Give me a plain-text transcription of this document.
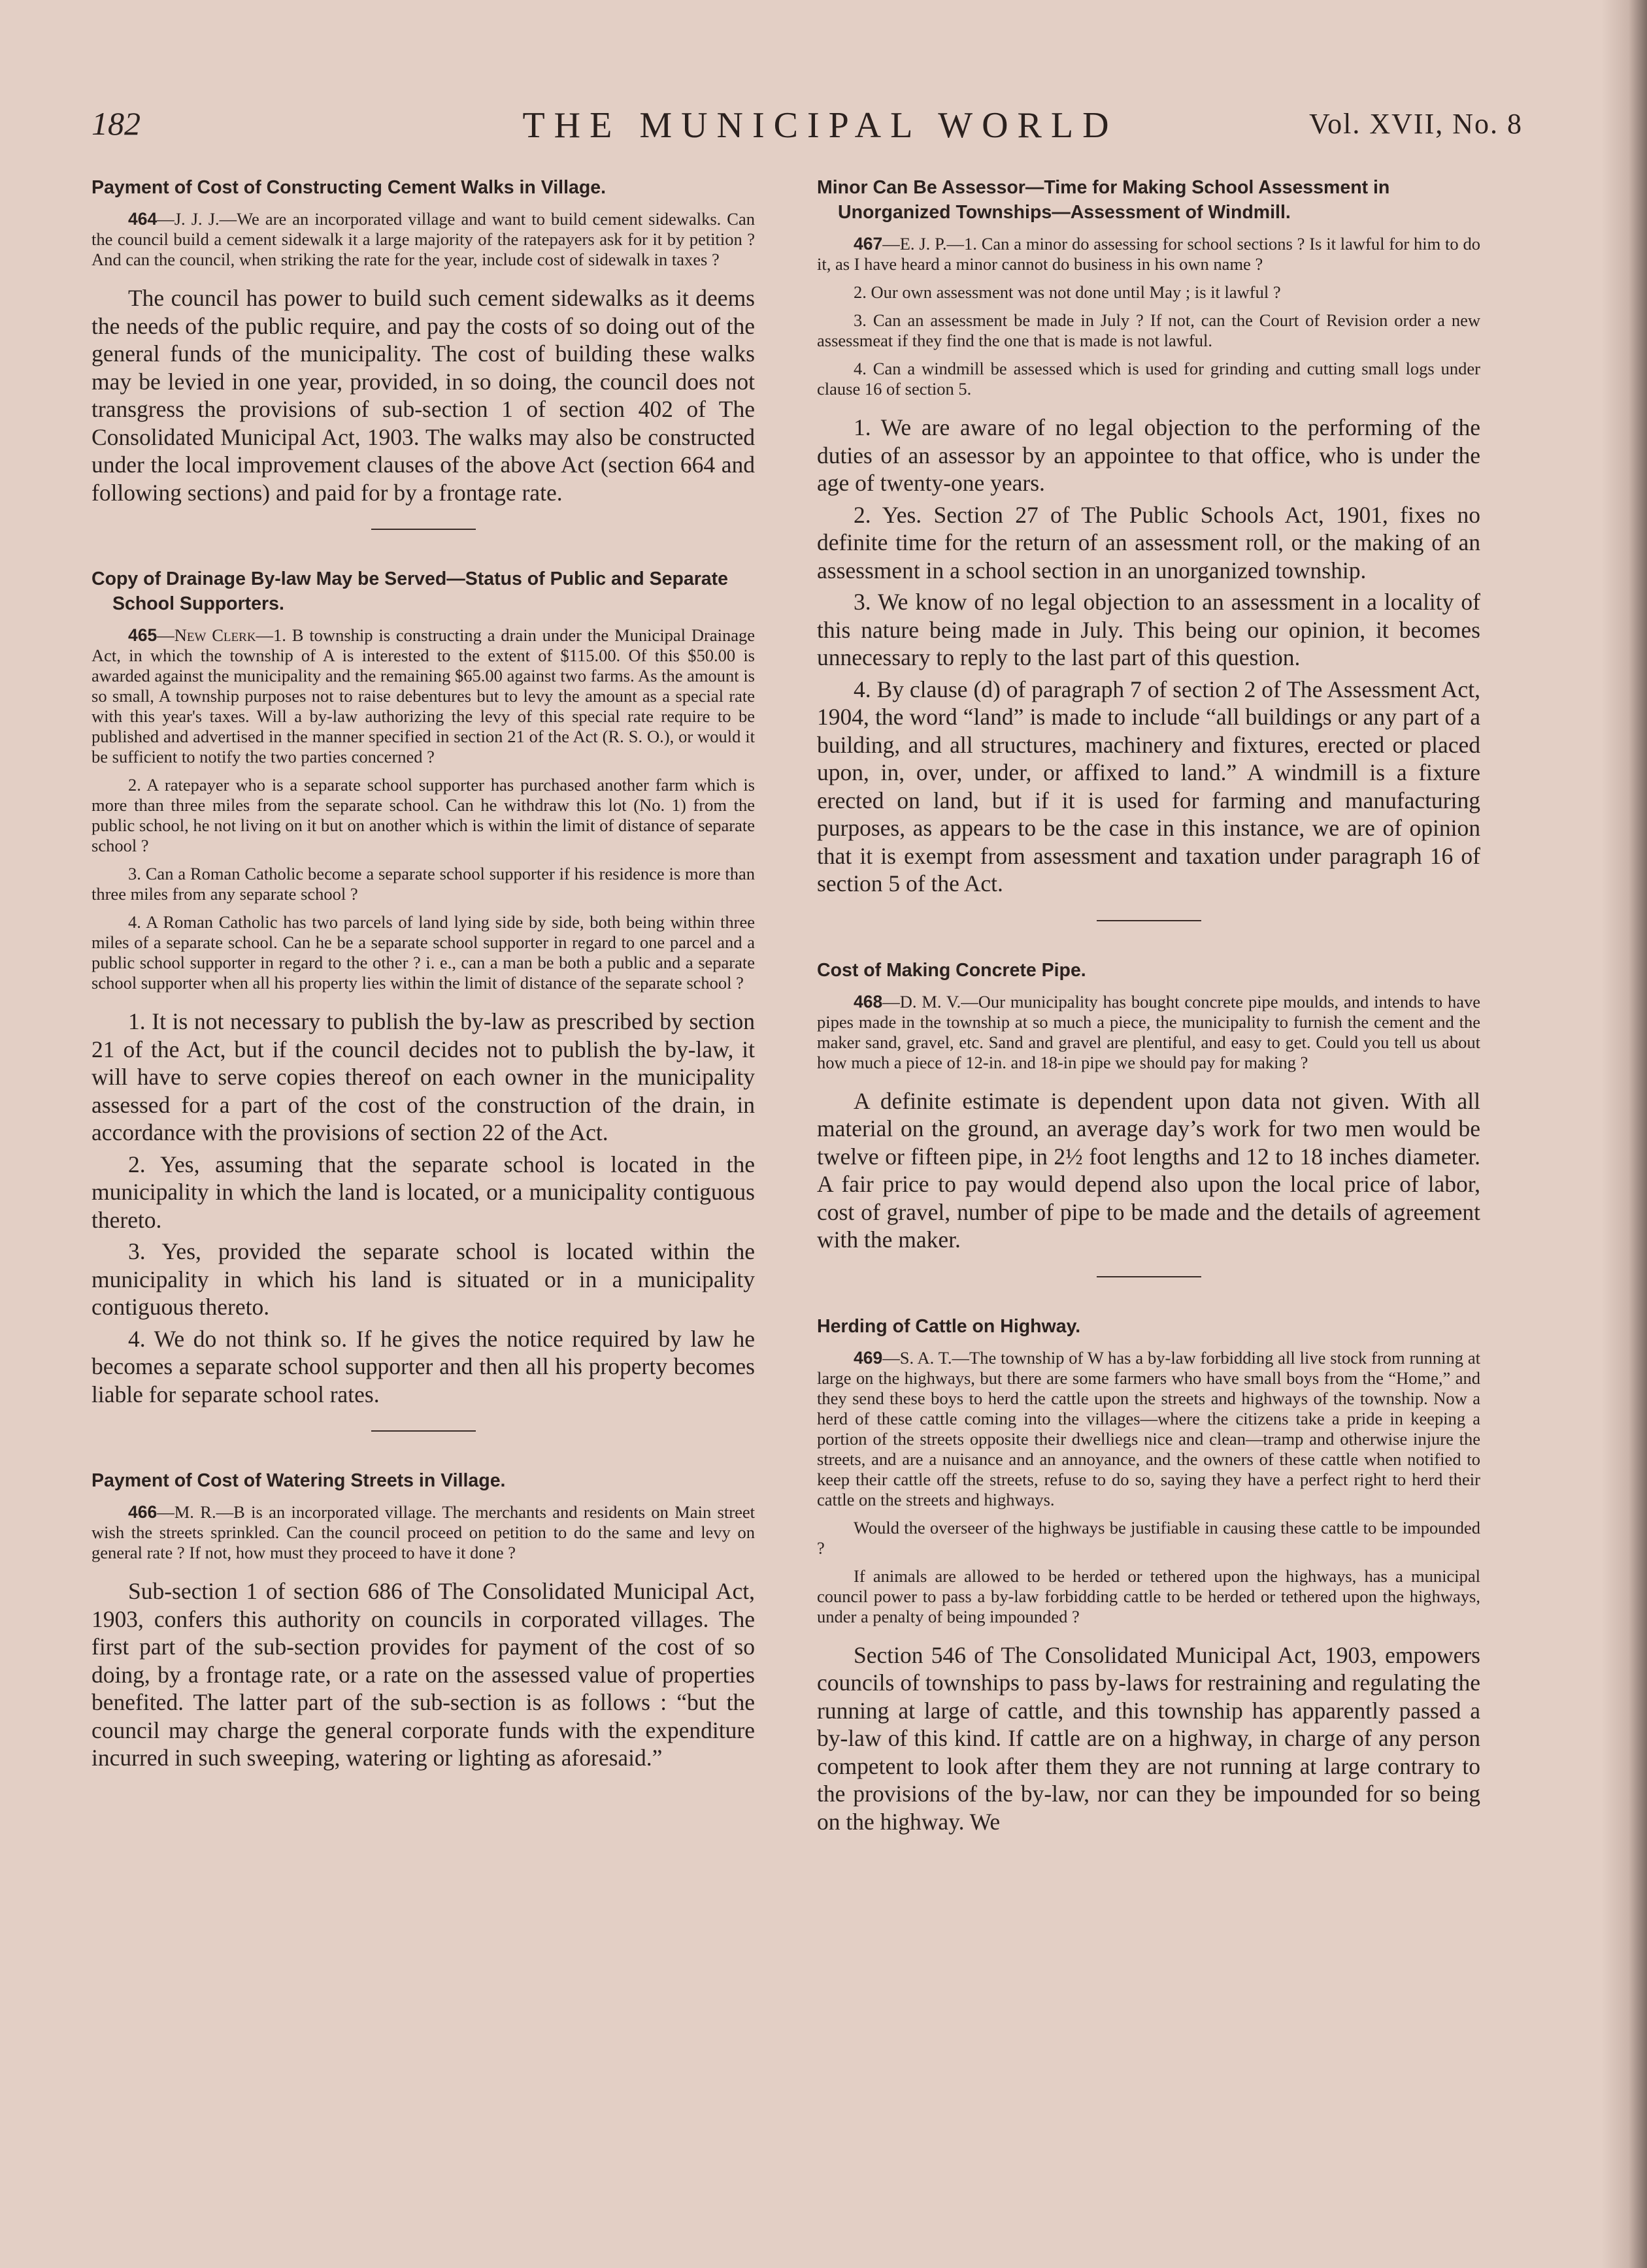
182	THE MUNICIPAL WORLD	Vol. XVII, No. 8
Payment of Cost of Constructing Cement Walks in Village.
464—J. J. J.—We are an incorporated village and want to build cement sidewalks. Can the council build a cement sidewalk it a large majority of the ratepayers ask for it by petition ? And can the council, when striking the rate for the year, include cost of sidewalk in taxes ?
The council has power to build such cement sidewalks as it deems the needs of the public require, and pay the costs of so doing out of the general funds of the municipality. The cost of building these walks may be levied in one year, provided, in so doing, the council does not transgress the provisions of sub-section 1 of section 402 of The Consolidated Municipal Act, 1903. The walks may also be constructed under the local improvement clauses of the above Act (section 664 and following sections) and paid for by a frontage rate.
Copy of Drainage By-law May be Served—Status of Public and Separate School Supporters.
465—New Clerk—1. B township is constructing a drain under the Municipal Drainage Act, in which the township of A is interested to the extent of $115.00. Of this $50.00 is awarded against the municipality and the remaining $65.00 against two farms. As the amount is so small, A township purposes not to raise debentures but to levy the amount as a special rate with this year's taxes. Will a by-law authorizing the levy of this special rate require to be published and advertised in the manner specified in section 21 of the Act (R. S. O.), or would it be sufficient to notify the two parties concerned ?
2. A ratepayer who is a separate school supporter has purchased another farm which is more than three miles from the separate school. Can he withdraw this lot (No. 1) from the public school, he not living on it but on another which is within the limit of distance of separate school ?
3. Can a Roman Catholic become a separate school supporter if his residence is more than three miles from any separate school ?
4. A Roman Catholic has two parcels of land lying side by side, both being within three miles of a separate school. Can he be a separate school supporter in regard to one parcel and a public school supporter in regard to the other ? i. e., can a man be both a public and a separate school supporter when all his property lies within the limit of distance of the separate school ?
1. It is not necessary to publish the by-law as prescribed by section 21 of the Act, but if the council decides not to publish the by-law, it will have to serve copies thereof on each owner in the municipality assessed for a part of the cost of the construction of the drain, in accordance with the provisions of section 22 of the Act.
2. Yes, assuming that the separate school is located in the municipality in which the land is located, or a municipality contiguous thereto.
3. Yes, provided the separate school is located within the municipality in which his land is situated or in a municipality contiguous thereto.
4. We do not think so. If he gives the notice required by law he becomes a separate school supporter and then all his property becomes liable for separate school rates.
Payment of Cost of Watering Streets in Village.
466—M. R.—B is an incorporated village. The merchants and residents on Main street wish the streets sprinkled. Can the council proceed on petition to do the same and levy on general rate ? If not, how must they proceed to have it done ?
Sub-section 1 of section 686 of The Consolidated Municipal Act, 1903, confers this authority on councils in corporated villages. The first part of the sub-section provides for payment of the cost of so doing, by a frontage rate, or a rate on the assessed value of properties benefited. The latter part of the sub-section is as follows : “but the council may charge the general corporate funds with the expenditure incurred in such sweeping, watering or lighting as aforesaid.”
Minor Can Be Assessor—Time for Making School Assessment in Unorganized Townships—Assessment of Windmill.
467—E. J. P.—1. Can a minor do assessing for school sections ? Is it lawful for him to do it, as I have heard a minor cannot do business in his own name ?
2. Our own assessment was not done until May ; is it lawful ?
3. Can an assessment be made in July ? If not, can the Court of Revision order a new assessmeat if they find the one that is made is not lawful.
4. Can a windmill be assessed which is used for grinding and cutting small logs under clause 16 of section 5.
1. We are aware of no legal objection to the performing of the duties of an assessor by an appointee to that office, who is under the age of twenty-one years.
2. Yes. Section 27 of The Public Schools Act, 1901, fixes no definite time for the return of an assessment roll, or the making of an assessment in a school section in an unorganized township.
3. We know of no legal objection to an assessment in a locality of this nature being made in July. This being our opinion, it becomes unnecessary to reply to the last part of this question.
4. By clause (d) of paragraph 7 of section 2 of The Assessment Act, 1904, the word “land” is made to include “all buildings or any part of a building, and all structures, machinery and fixtures, erected or placed upon, in, over, under, or affixed to land.” A windmill is a fixture erected on land, but if it is used for farming and manufacturing purposes, as appears to be the case in this instance, we are of opinion that it is exempt from assessment and taxation under paragraph 16 of section 5 of the Act.
Cost of Making Concrete Pipe.
468—D. M. V.—Our municipality has bought concrete pipe moulds, and intends to have pipes made in the township at so much a piece, the municipality to furnish the cement and the maker sand, gravel, etc. Sand and gravel are plentiful, and easy to get. Could you tell us about how much a piece of 12-in. and 18-in pipe we should pay for making ?
A definite estimate is dependent upon data not given. With all material on the ground, an average day’s work for two men would be twelve or fifteen pipe, in 2½ foot lengths and 12 to 18 inches diameter. A fair price to pay would depend also upon the local price of labor, cost of gravel, number of pipe to be made and the details of agreement with the maker.
Herding of Cattle on Highway.
469—S. A. T.—The township of W has a by-law forbidding all live stock from running at large on the highways, but there are some farmers who have small boys from the “Home,” and they send these boys to herd the cattle upon the streets and highways of the township. Now a herd of these cattle coming into the villages—where the citizens take a pride in keeping a portion of the streets opposite their dwelliegs nice and clean—tramp and otherwise injure the streets, and are a nuisance and an annoyance, and the owners of these cattle when notified to keep their cattle off the streets, refuse to do so, saying they have a perfect right to herd their cattle on the streets and highways.
Would the overseer of the highways be justifiable in causing these cattle to be impounded ?
If animals are allowed to be herded or tethered upon the highways, has a municipal council power to pass a by-law forbidding cattle to be herded or tethered upon the highways, under a penalty of being impounded ?
Section 546 of The Consolidated Municipal Act, 1903, empowers councils of townships to pass by-laws for restraining and regulating the running at large of cattle, and this township has apparently passed a by-law of this kind. If cattle are on a highway, in charge of any person competent to look after them they are not running at large contrary to the provisions of the by-law, nor can they be impounded for so being on the highway. We
